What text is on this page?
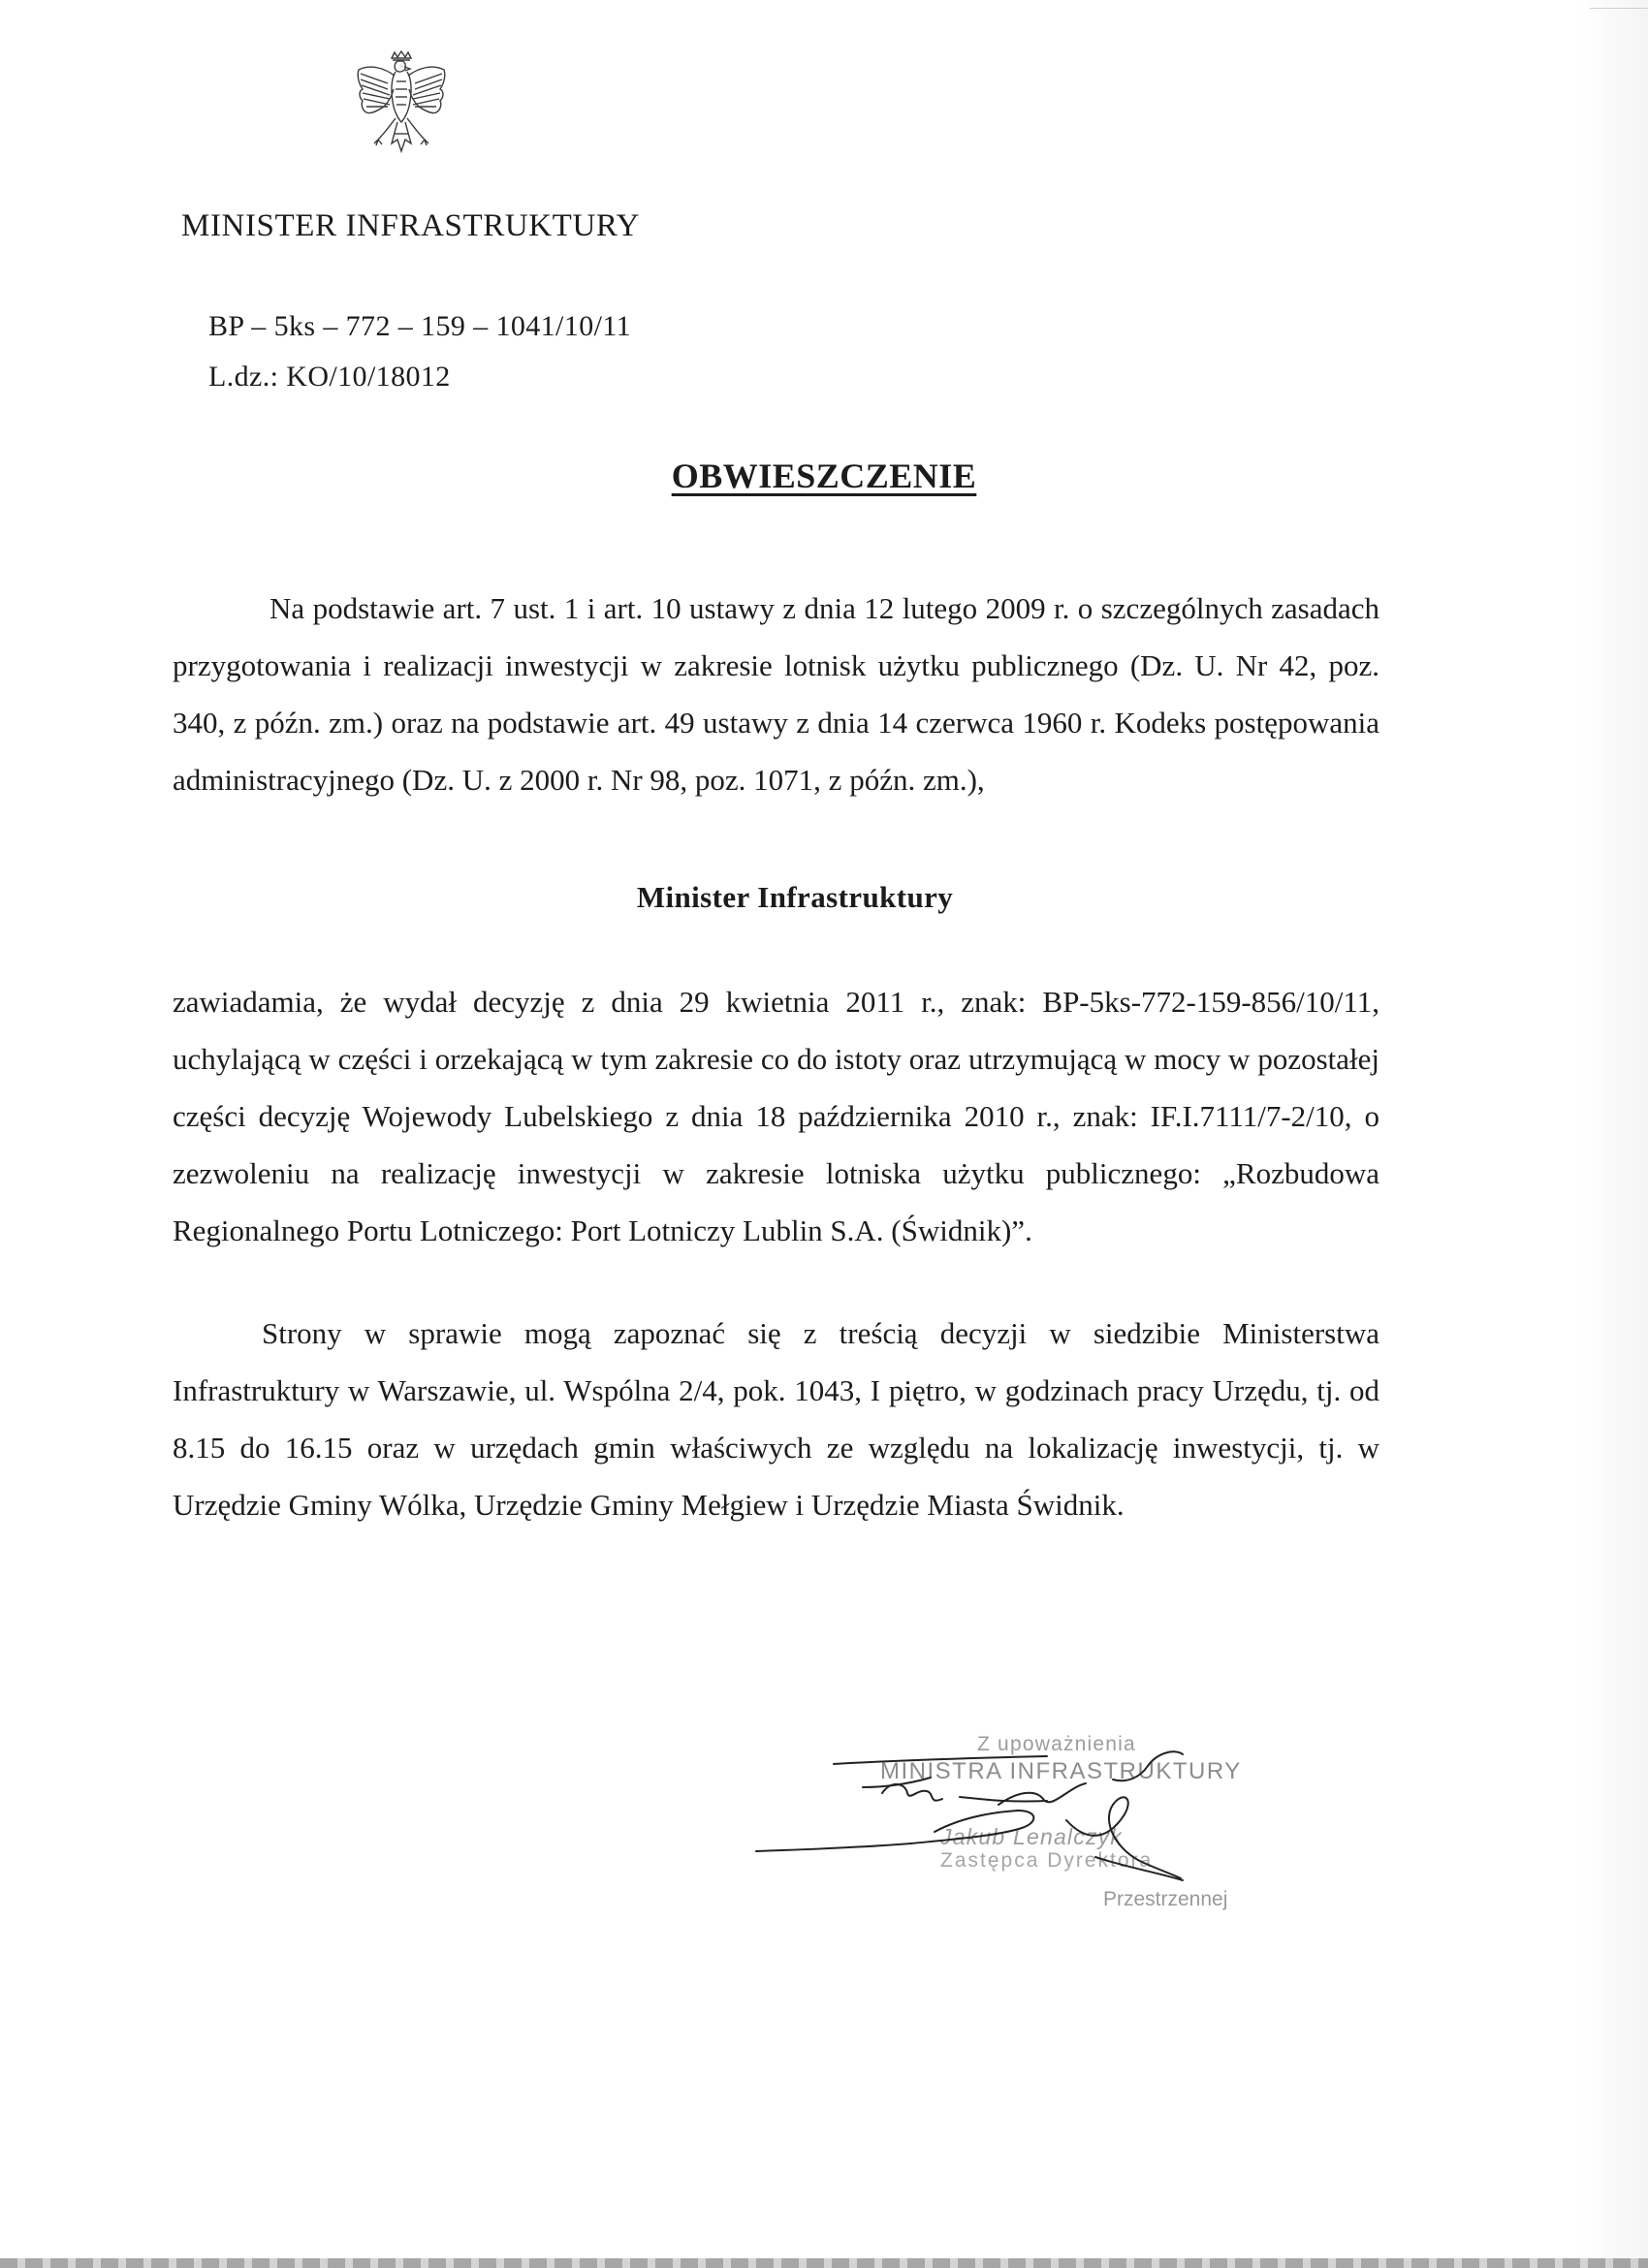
MINISTER INFRASTRUKTURY
BP – 5ks – 772 – 159 – 1041/10/11
L.dz.: KO/10/18012
OBWIESZCZENIE
Na podstawie art. 7 ust. 1 i art. 10 ustawy z dnia 12 lutego 2009 r. o szczególnych zasadach przygotowania i realizacji inwestycji w zakresie lotnisk użytku publicznego (Dz. U. Nr 42, poz. 340, z późn. zm.) oraz na podstawie art. 49 ustawy z dnia 14 czerwca 1960 r. Kodeks postępowania administracyjnego (Dz. U. z 2000 r. Nr 98, poz. 1071, z późn. zm.),
Minister Infrastruktury
zawiadamia, że wydał decyzję z dnia 29 kwietnia 2011 r., znak: BP-5ks-772-159-856/10/11, uchylającą w części i orzekającą w tym zakresie co do istoty oraz utrzymującą w mocy w pozostałej części decyzję Wojewody Lubelskiego z dnia 18 października 2010 r., znak: IF.I.7111/7-2/10, o zezwoleniu na realizację inwestycji w zakresie lotniska użytku publicznego: „Rozbudowa Regionalnego Portu Lotniczego: Port Lotniczy Lublin S.A. (Świdnik)”.
Strony w sprawie mogą zapoznać się z treścią decyzji w siedzibie Ministerstwa Infrastruktury w Warszawie, ul. Wspólna 2/4, pok. 1043, I piętro, w godzinach pracy Urzędu, tj. od 8.15 do 16.15 oraz w urzędach gmin właściwych ze względu na lokalizację inwestycji, tj. w Urzędzie Gminy Wólka, Urzędzie Gminy Mełgiew i Urzędzie Miasta Świdnik.
Z upoważnienia
MINISTRA INFRASTRUKTURY
Jakub Lenalczyk
Zastępca Dyrektora
Przestrzennej
